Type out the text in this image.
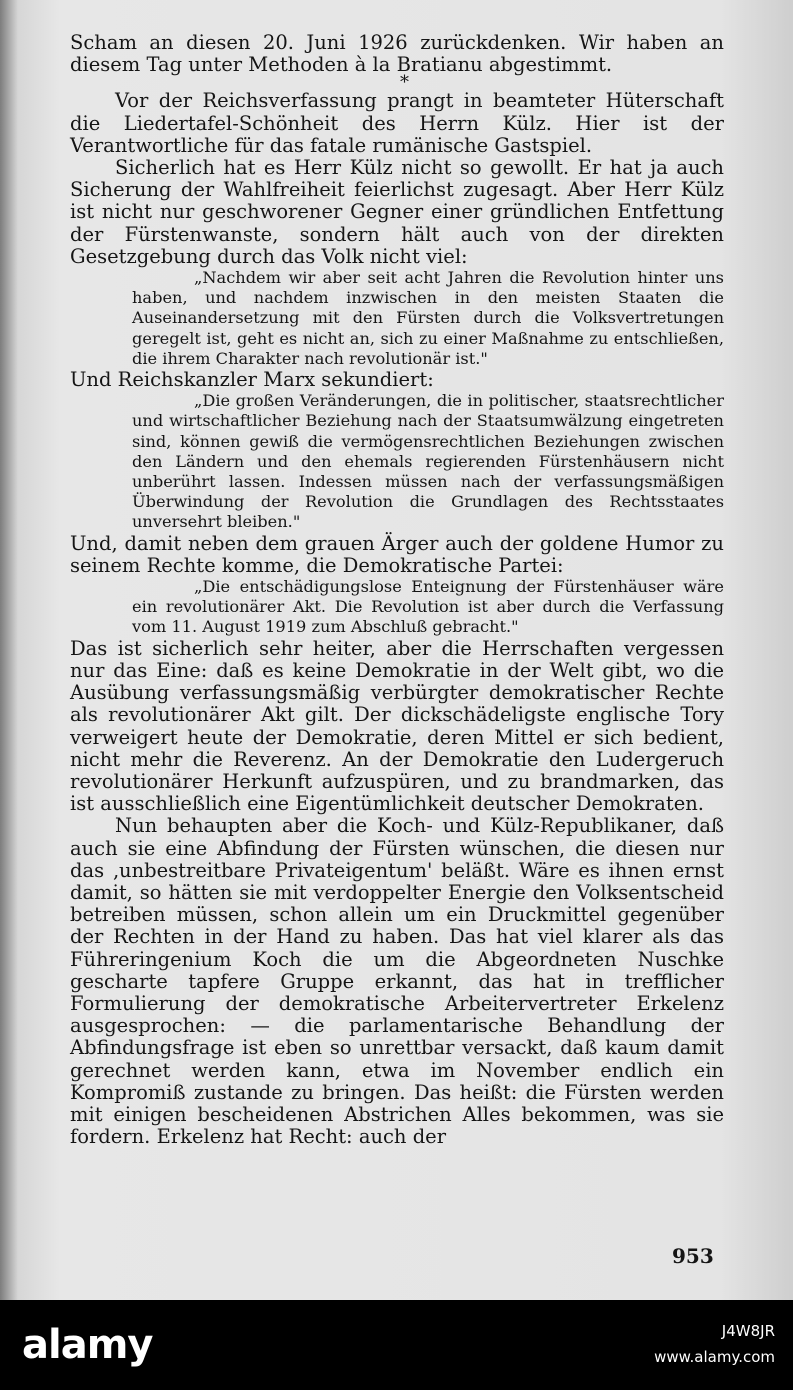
Scham an diesen 20. Juni 1926 zurückdenken. Wir haben an diesem Tag unter Methoden à la Bratianu abgestimmt.

*

Vor der Reichsverfassung prangt in beamteter Hüterschaft die Liedertafel-Schönheit des Herrn Külz. Hier ist der Verantwortliche für das fatale rumänische Gastspiel.

Sicherlich hat es Herr Külz nicht so gewollt. Er hat ja auch Sicherung der Wahlfreiheit feierlichst zugesagt. Aber Herr Külz ist nicht nur geschworener Gegner einer gründlichen Entfettung der Fürstenwanste, sondern hält auch von der direkten Gesetzgebung durch das Volk nicht viel:

„Nachdem wir aber seit acht Jahren die Revolution hinter uns haben, und nachdem inzwischen in den meisten Staaten die Auseinandersetzung mit den Fürsten durch die Volksvertretungen geregelt ist, geht es nicht an, sich zu einer Maßnahme zu entschließen, die ihrem Charakter nach revolutionär ist."

Und Reichskanzler Marx sekundiert:

„Die großen Veränderungen, die in politischer, staatsrechtlicher und wirtschaftlicher Beziehung nach der Staatsumwälzung eingetreten sind, können gewiß die vermögensrechtlichen Beziehungen zwischen den Ländern und den ehemals regierenden Fürstenhäusern nicht unberührt lassen. Indessen müssen nach der verfassungsmäßigen Überwindung der Revolution die Grundlagen des Rechtsstaates unversehrt bleiben."

Und, damit neben dem grauen Ärger auch der goldene Humor zu seinem Rechte komme, die Demokratische Partei:

„Die entschädigungslose Enteignung der Fürstenhäuser wäre ein revolutionärer Akt. Die Revolution ist aber durch die Verfassung vom 11. August 1919 zum Abschluß gebracht."

Das ist sicherlich sehr heiter, aber die Herrschaften vergessen nur das Eine: daß es keine Demokratie in der Welt gibt, wo die Ausübung verfassungsmäßig verbürgter demokratischer Rechte als revolutionärer Akt gilt. Der dickschädeligste englische Tory verweigert heute der Demokratie, deren Mittel er sich bedient, nicht mehr die Reverenz. An der Demokratie den Ludergeruch revolutionärer Herkunft aufzuspüren, und zu brandmarken, das ist ausschließlich eine Eigentümlichkeit deutscher Demokraten.

Nun behaupten aber die Koch- und Külz-Republikaner, daß auch sie eine Abfindung der Fürsten wünschen, die diesen nur das ‚unbestreitbare Privateigentum' beläßt. Wäre es ihnen ernst damit, so hätten sie mit verdoppelter Energie den Volksentscheid betreiben müssen, schon allein um ein Druckmittel gegenüber der Rechten in der Hand zu haben. Das hat viel klarer als das Führeringenium Koch die um die Abgeordneten Nuschke gescharte tapfere Gruppe erkannt, das hat in trefflicher Formulierung der demokratische Arbeitervertreter Erkelenz ausgesprochen: — die parlamentarische Behandlung der Abfindungsfrage ist eben so unrettbar versackt, daß kaum damit gerechnet werden kann, etwa im November endlich ein Kompromiß zustande zu bringen. Das heißt: die Fürsten werden mit einigen bescheidenen Abstrichen Alles bekommen, was sie fordern. Erkelenz hat Recht: auch der

953
alamy	J4W8JR
www.alamy.com
